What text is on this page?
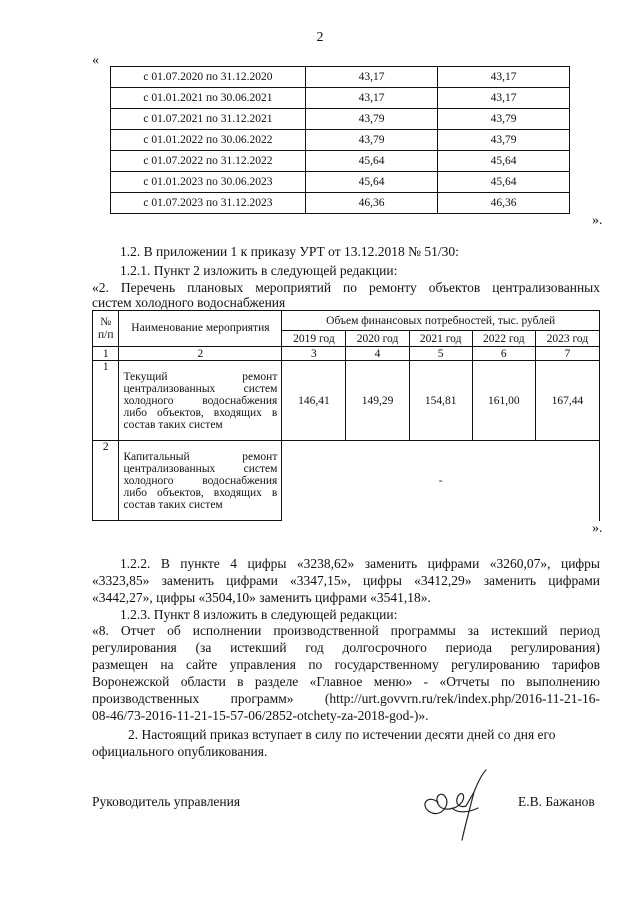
2
«
с 01.07.2020 по 31.12.2020	43,17	43,17
с 01.01.2021 по 30.06.2021	43,17	43,17
с 01.07.2021 по 31.12.2021	43,79	43,79
с 01.01.2022 по 30.06.2022	43,79	43,79
с 01.07.2022 по 31.12.2022	45,64	45,64
с 01.01.2023 по 30.06.2023	45,64	45,64
с 01.07.2023 по 31.12.2023	46,36	46,36
».
1.2. В приложении 1 к приказу УРТ от 13.12.2018 № 51/30:
1.2.1. Пункт 2 изложить в следующей редакции:
«2. Перечень плановых мероприятий по ремонту объектов централизованных
систем холодного водоснабжения
№ п/п	Наименование мероприятия	Объем финансовых потребностей, тыс. рублей				
		2019 год	2020 год	2021 год	2022 год	2023 год
1	2	3	4	5	6	7
1	Текущий ремонт централизованных систем холодного водоснабжения либо объектов, входящих в состав таких систем	146,41	149,29	154,81	161,00	167,44
2	Капитальный ремонт централизованных систем холодного водоснабжения либо объектов, входящих в состав таких систем	-				
».
1.2.2. В пункте 4 цифры «3238,62» заменить цифрами «3260,07», цифры
«3323,85» заменить цифрами «3347,15», цифры «3412,29» заменить цифрами
«3442,27», цифры «3504,10» заменить цифрами «3541,18».
1.2.3. Пункт 8 изложить в следующей редакции:
«8. Отчет об исполнении производственной программы за истекший период
регулирования (за истекший год долгосрочного периода регулирования)
размещен на сайте управления по государственному регулированию тарифов
Воронежской области в разделе «Главное меню» - «Отчеты по выполнению
производственных программ» (http://urt.govvrn.ru/rek/index.php/2016-11-21-16-
08-46/73-2016-11-21-15-57-06/2852-otchety-za-2018-god-)».
2. Настоящий приказ вступает в силу по истечении десяти дней со дня его
официального опубликования.
Руководитель управления	Е.В. Бажанов
